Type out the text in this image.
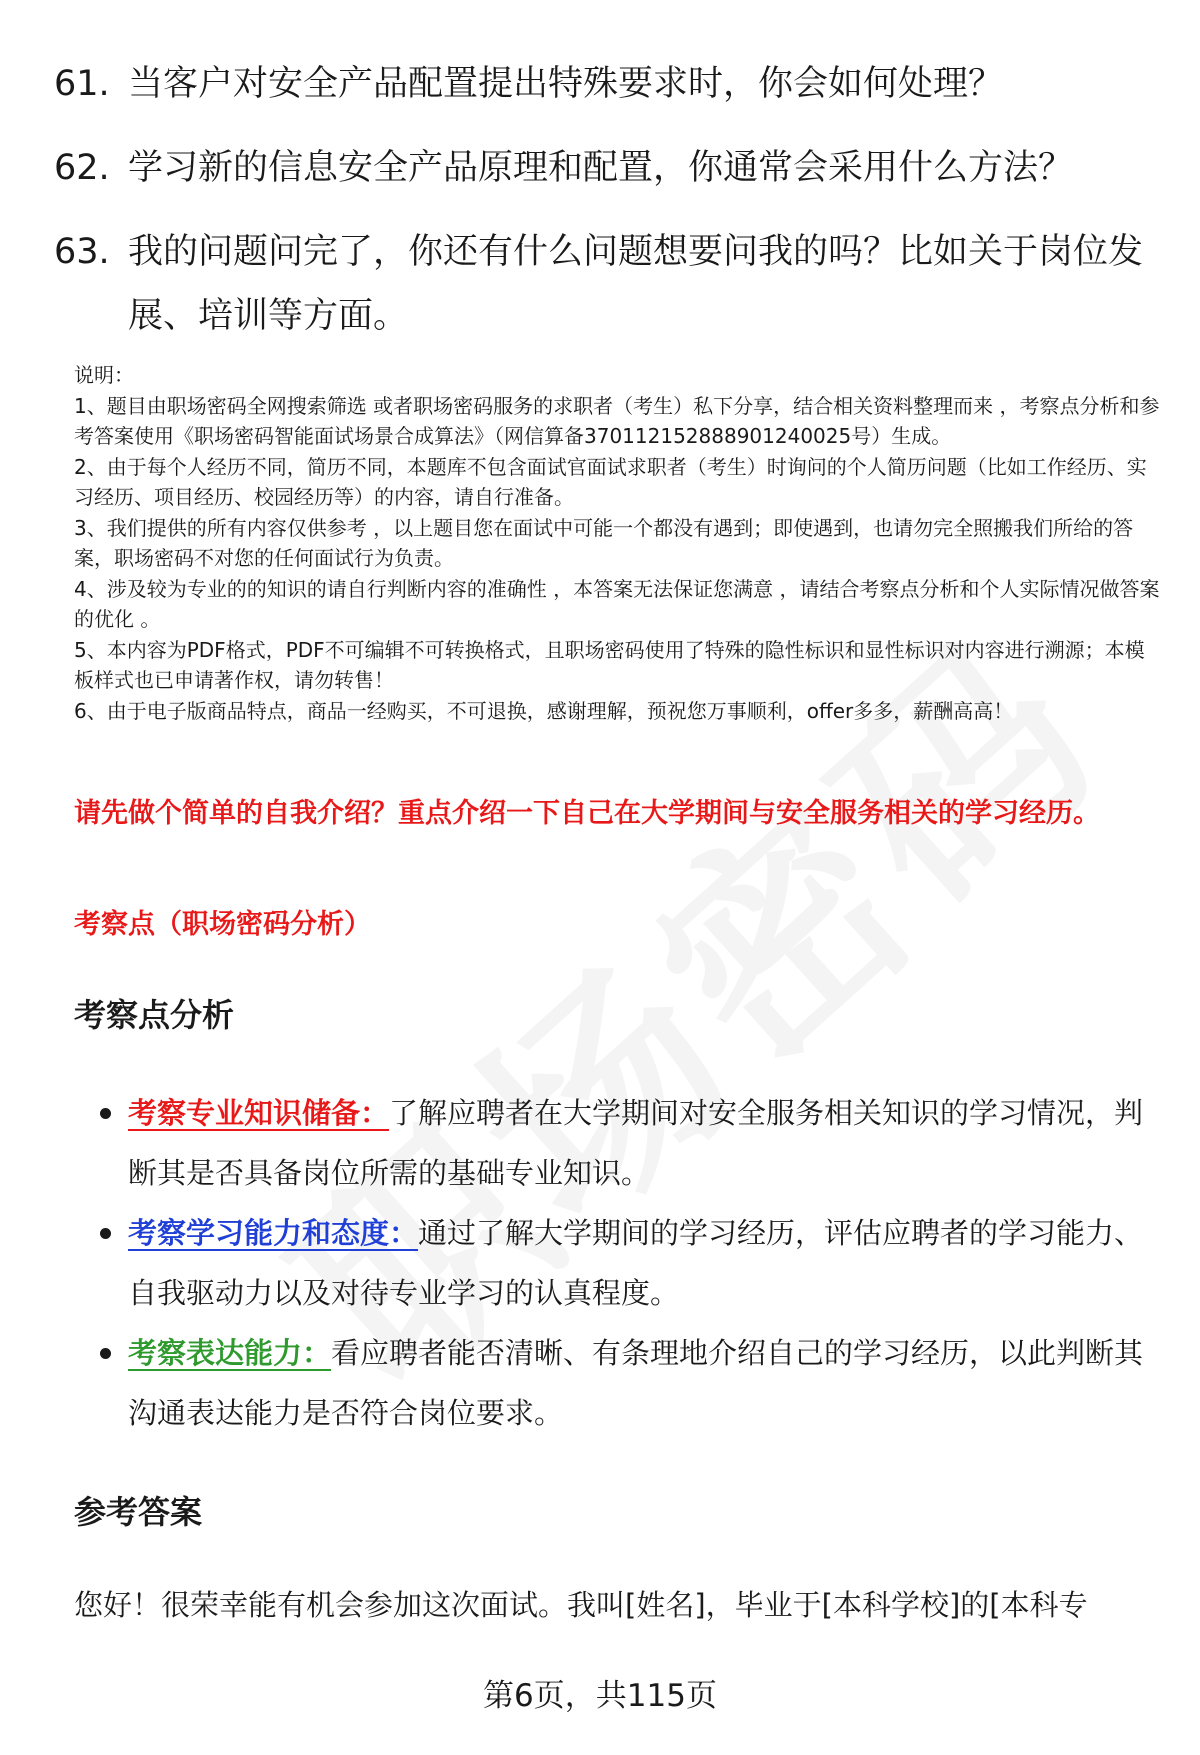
61. 当客户对安全产品配置提出特殊要求时，你会如何处理？
62. 学习新的信息安全产品原理和配置，你通常会采用什么方法？
63. 我的问题问完了，你还有什么问题想要问我的吗？比如关于岗位发展、培训等方面。

说明：

1、题目由职场密码全网搜索筛选 或者职场密码服务的求职者（考生）私下分享，结合相关资料整理而来 ，考察点分析和参考答案使用《职场密码智能面试场景合成算法》（网信算备370112152888901240025号）生成。

2、由于每个人经历不同，简历不同，本题库不包含面试官面试求职者（考生）时询问的个人简历问题（比如工作经历、实习经历、项目经历、校园经历等）的内容，请自行准备。

3、我们提供的所有内容仅供参考 ，以上题目您在面试中可能一个都没有遇到；即使遇到，也请勿完全照搬我们所给的答案，职场密码不对您的任何面试行为负责。

4、涉及较为专业的的知识的请自行判断内容的准确性 ，本答案无法保证您满意 ，请结合考察点分析和个人实际情况做答案的优化 。

5、本内容为PDF格式，PDF不可编辑不可转换格式，且职场密码使用了特殊的隐性标识和显性标识对内容进行溯源；本模板样式也已申请著作权，请勿转售！

6、由于电子版商品特点，商品一经购买，不可退换，感谢理解，预祝您万事顺利，offer多多，薪酬高高！

请先做个简单的自我介绍？重点介绍一下自己在大学期间与安全服务相关的学习经历。
考察点（职场密码分析）
考察点分析
考察专业知识储备：了解应聘者在大学期间对安全服务相关知识的学习情况，判断其是否具备岗位所需的基础专业知识。
考察学习能力和态度：通过了解大学期间的学习经历，评估应聘者的学习能力、自我驱动力以及对待专业学习的认真程度。
考察表达能力：看应聘者能否清晰、有条理地介绍自己的学习经历，以此判断其沟通表达能力是否符合岗位要求。
参考答案
您好！很荣幸能有机会参加这次面试。我叫[姓名]，毕业于[本科学校]的[本科专
第6页，共115页
